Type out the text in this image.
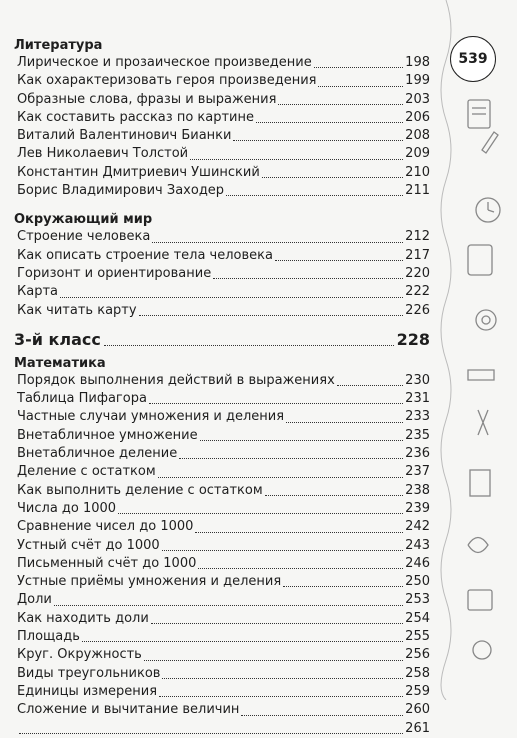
Литература
Лирическое и прозаическое произведение	198
Как охарактеризовать героя произведения	199
Образные слова, фразы и выражения	203
Как составить рассказ по картине	206
Виталий Валентинович Бианки	208
Лев Николаевич Толстой	209
Константин Дмитриевич Ушинский	210
Борис Владимирович Заходер	211
Окружающий мир
Строение человека	212
Как описать строение тела человека	217
Горизонт и ориентирование	220
Карта	222
Как читать карту	226
3-й класс	228
Математика
Порядок выполнения действий в выражениях	230
Таблица Пифагора	231
Частные случаи умножения и деления	233
Внетабличное умножение	235
Внетабличное деление	236
Деление с остатком	237
Как выполнить деление с остатком	238
Числа до 1000	239
Сравнение чисел до 1000	242
Устный счёт до 1000	243
Письменный счёт до 1000	246
Устные приёмы умножения и деления	250
Доли	253
Как находить доли	254
Площадь	255
Круг. Окружность	256
Виды треугольников	258
Единицы измерения	259
Сложение и вычитание величин	260
261
539
